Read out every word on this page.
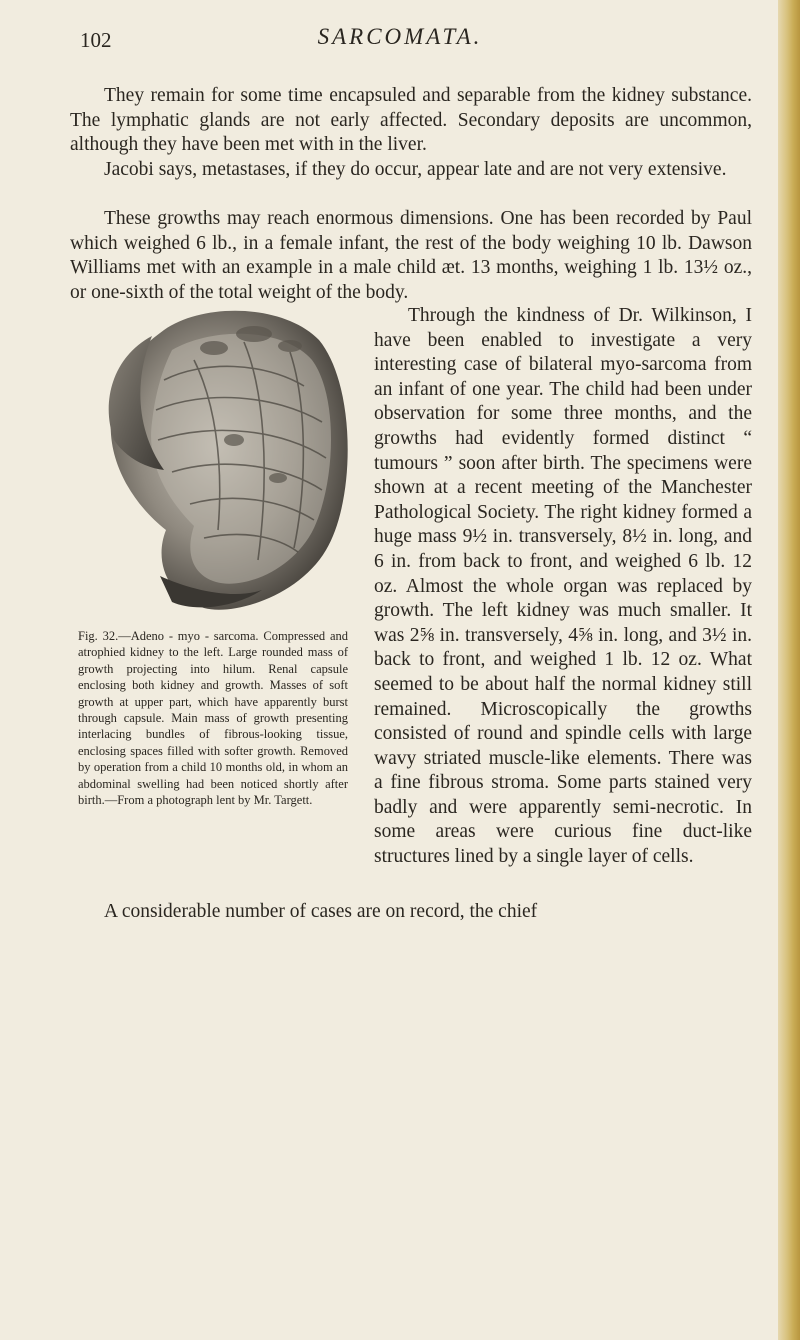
102	SARCOMATA.

They remain for some time encapsuled and separable from the kidney substance. The lymphatic glands are not early affected. Secondary deposits are uncommon, although they have been met with in the liver.

Jacobi says, metastases, if they do occur, appear late and are not very extensive.

These growths may reach enormous dimensions. One has been recorded by Paul which weighed 6 lb., in a female infant, the rest of the body weighing 10 lb. Dawson Williams met with an example in a male child æt. 13 months, weighing 1 lb. 13½ oz., or one-sixth of the total weight of the body.

Fig. 32.—Adeno - myo - sarcoma. Compressed and atrophied kidney to the left. Large rounded mass of growth projecting into hilum. Renal capsule enclosing both kidney and growth. Masses of soft growth at upper part, which have apparently burst through capsule. Main mass of growth presenting interlacing bundles of fibrous-looking tissue, enclosing spaces filled with softer growth. Removed by operation from a child 10 months old, in whom an abdominal swelling had been noticed shortly after birth.—From a photograph lent by Mr. Targett.

Through the kindness of Dr. Wilkinson, I have been enabled to investigate a very interesting case of bilateral myo-sarcoma from an infant of one year. The child had been under observation for some three months, and the growths had evidently formed distinct “ tumours ” soon after birth. The specimens were shown at a recent meeting of the Manchester Pathological Society. The right kidney formed a huge mass 9½ in. transversely, 8½ in. long, and 6 in. from back to front, and weighed 6 lb. 12 oz. Almost the whole organ was replaced by growth. The left kidney was much smaller. It was 2⅝ in. transversely, 4⅝ in. long, and 3½ in. back to front, and weighed 1 lb. 12 oz. What seemed to be about half the normal kidney still remained. Microscopically the growths consisted of round and spindle cells with large wavy striated muscle-like elements. There was a fine fibrous stroma. Some parts stained very badly and were apparently semi-necrotic. In some areas were curious fine duct-like structures lined by a single layer of cells.

A considerable number of cases are on record, the chief
